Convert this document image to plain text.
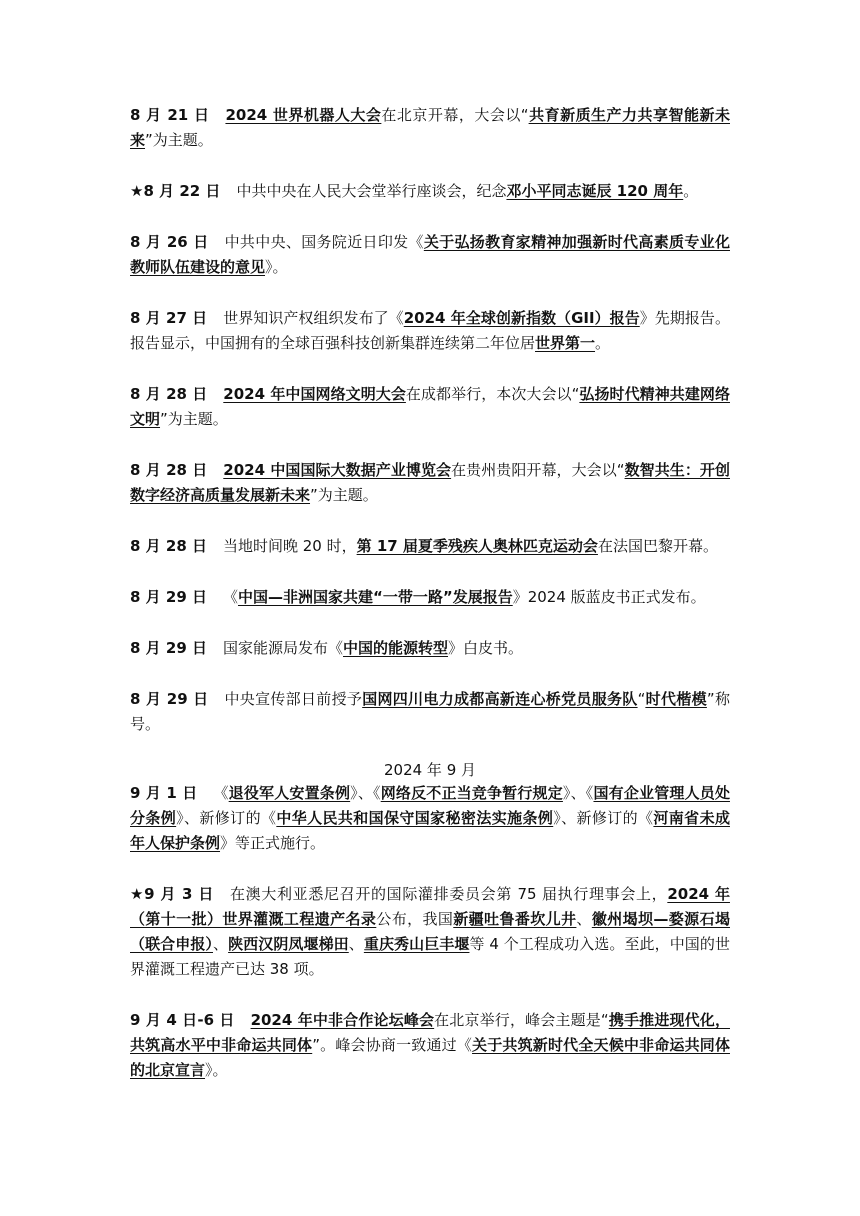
8 月 21 日 2024 世界机器人大会在北京开幕，大会以“共育新质生产力共享智能新未来”为主题。
★8 月 22 日 中共中央在人民大会堂举行座谈会，纪念邓小平同志诞辰 120 周年。
8 月 26 日 中共中央、国务院近日印发《关于弘扬教育家精神加强新时代高素质专业化教师队伍建设的意见》。
8 月 27 日 世界知识产权组织发布了《2024 年全球创新指数（GII）报告》先期报告。报告显示，中国拥有的全球百强科技创新集群连续第二年位居世界第一。
8 月 28 日 2024 年中国网络文明大会在成都举行，本次大会以“弘扬时代精神共建网络文明”为主题。
8 月 28 日 2024 中国国际大数据产业博览会在贵州贵阳开幕，大会以“数智共生：开创数字经济高质量发展新未来”为主题。
8 月 28 日 当地时间晚 20 时，第 17 届夏季残疾人奥林匹克运动会在法国巴黎开幕。
8 月 29 日 《中国—非洲国家共建“一带一路”发展报告》2024 版蓝皮书正式发布。
8 月 29 日 国家能源局发布《中国的能源转型》白皮书。
8 月 29 日 中央宣传部日前授予国网四川电力成都高新连心桥党员服务队“时代楷模”称号。
2024 年 9 月
9 月 1 日 《退役军人安置条例》、《网络反不正当竞争暂行规定》、《国有企业管理人员处分条例》、新修订的《中华人民共和国保守国家秘密法实施条例》、新修订的《河南省未成年人保护条例》等正式施行。
★9 月 3 日 在澳大利亚悉尼召开的国际灌排委员会第 75 届执行理事会上，2024 年（第十一批）世界灌溉工程遗产名录公布，我国新疆吐鲁番坎儿井、徽州堨坝—婺源石堨（联合申报）、陕西汉阴凤堰梯田、重庆秀山巨丰堰等 4 个工程成功入选。至此，中国的世界灌溉工程遗产已达 38 项。
9 月 4 日-6 日 2024 年中非合作论坛峰会在北京举行，峰会主题是“携手推进现代化，共筑高水平中非命运共同体”。峰会协商一致通过《关于共筑新时代全天候中非命运共同体的北京宣言》。
